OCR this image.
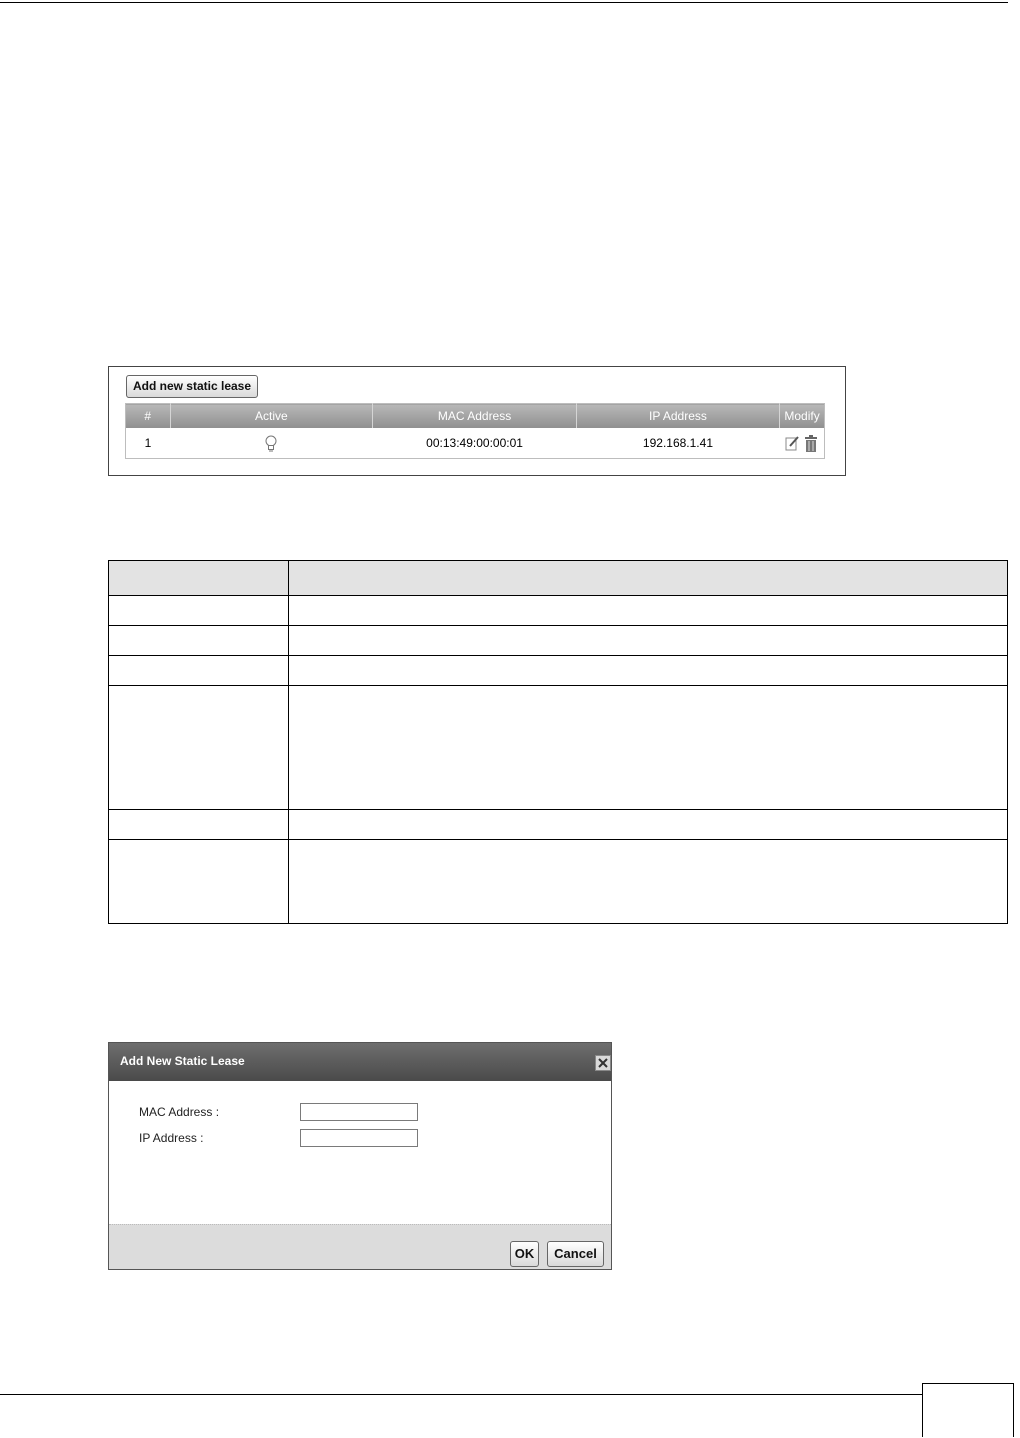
Add new static lease
#	Active	MAC Address	IP Address	Modify
1		00:13:49:00:00:01	192.168.1.41	

Add New Static Lease
MAC Address :
IP Address :
OK	Cancel
